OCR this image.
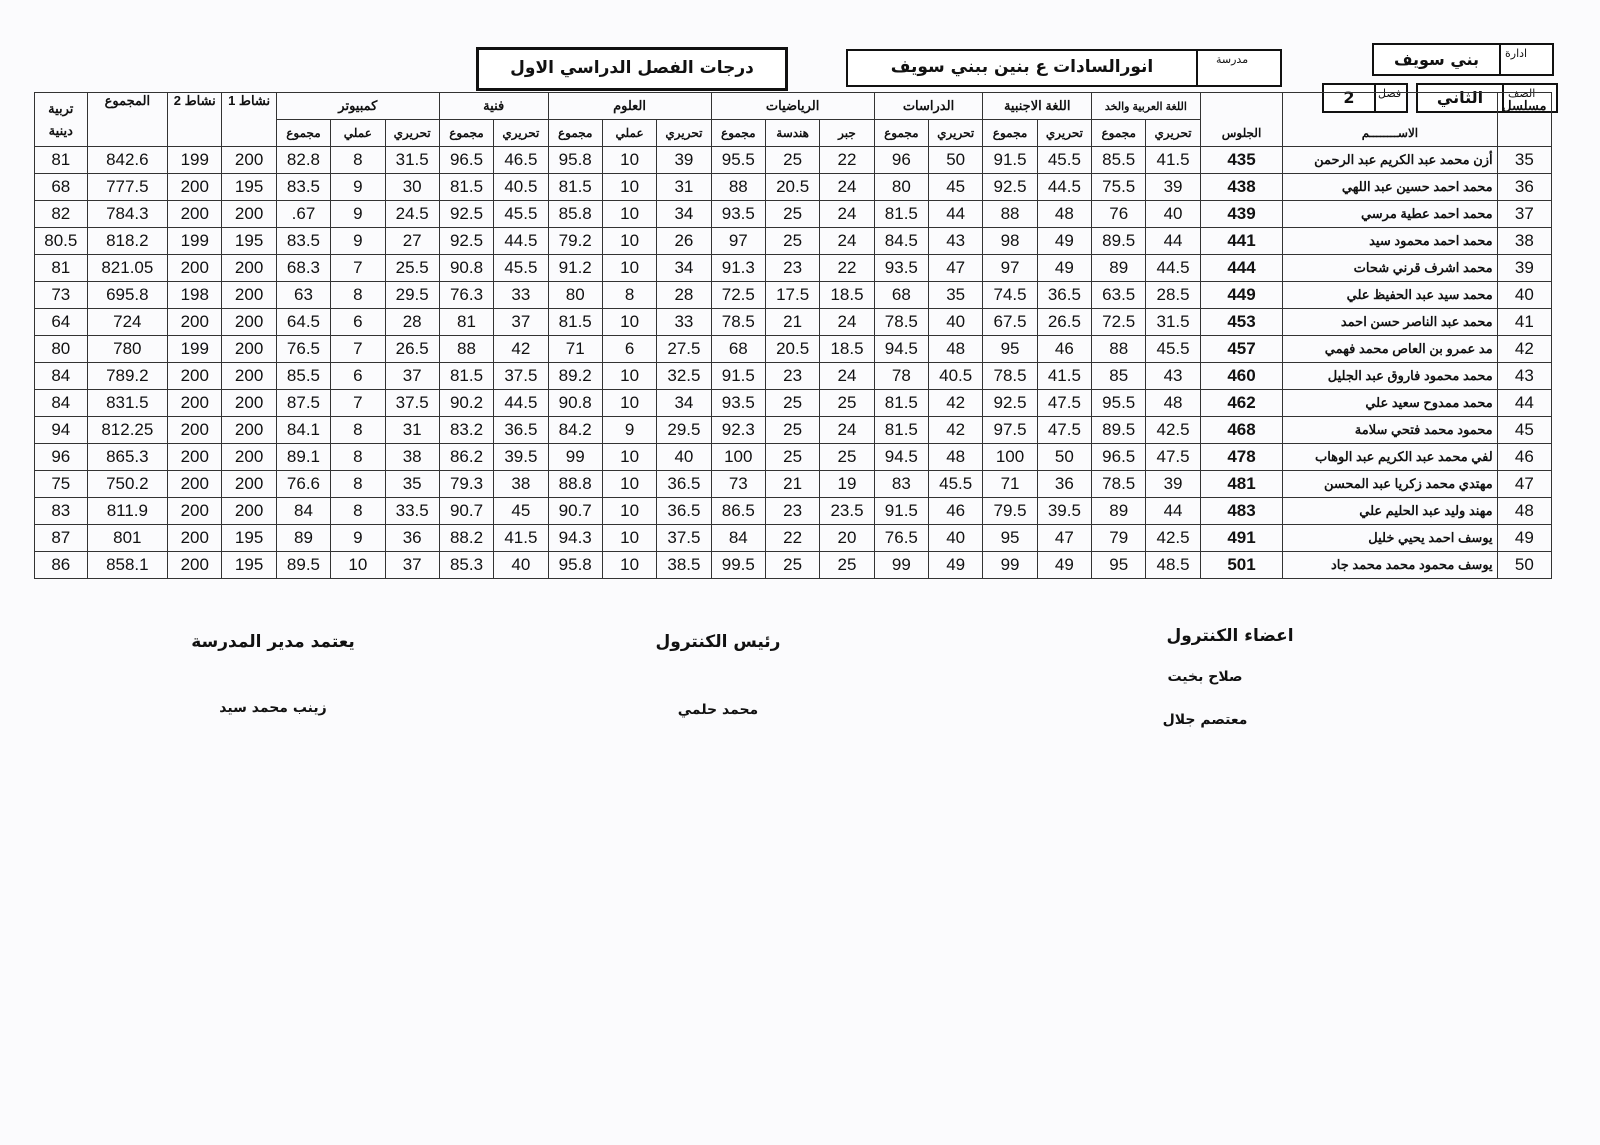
درجات الفصل الدراسي الاول	انورالسادات ع بنين ببني سويف	مدرسة	بني سويف	ادارة
الثاني	الصف
2	فصل
مسلسل			اللغة العربية والخد		اللغة الاجنبية		الدراسات		الرياضيات			العلوم			فنية		كمبيوتر			نشاط 1	نشاط 2	المجموع	تربية دينية
	الاســــــــم	الجلوس	تحريري	مجموع	تحريري	مجموع	تحريري	مجموع	جبر	هندسة	مجموع	تحريري	عملي	مجموع	تحريري	مجموع	تحريري	عملي	مجموع				
35	أزن محمد عبد الكريم عبد الرحمن	435	41.5	85.5	45.5	91.5	50	96	22	25	95.5	39	10	95.8	46.5	96.5	31.5	8	82.8	200	199	842.6	81
36	محمد احمد حسين عبد اللهي	438	39	75.5	44.5	92.5	45	80	24	20.5	88	31	10	81.5	40.5	81.5	30	9	83.5	195	200	777.5	68
37	محمد احمد عطية مرسي	439	40	76	48	88	44	81.5	24	25	93.5	34	10	85.8	45.5	92.5	24.5	9	67.	200	200	784.3	82
38	محمد احمد محمود سيد	441	44	89.5	49	98	43	84.5	24	25	97	26	10	79.2	44.5	92.5	27	9	83.5	195	199	818.2	80.5
39	محمد اشرف قرني شحات	444	44.5	89	49	97	47	93.5	22	23	91.3	34	10	91.2	45.5	90.8	25.5	7	68.3	200	200	821.05	81
40	محمد سيد عبد الحفيظ علي	449	28.5	63.5	36.5	74.5	35	68	18.5	17.5	72.5	28	8	80	33	76.3	29.5	8	63	200	198	695.8	73
41	محمد عبد الناصر حسن احمد	453	31.5	72.5	26.5	67.5	40	78.5	24	21	78.5	33	10	81.5	37	81	28	6	64.5	200	200	724	64
42	مد عمرو بن العاص محمد فهمي	457	45.5	88	46	95	48	94.5	18.5	20.5	68	27.5	6	71	42	88	26.5	7	76.5	200	199	780	80
43	محمد محمود فاروق عبد الجليل	460	43	85	41.5	78.5	40.5	78	24	23	91.5	32.5	10	89.2	37.5	81.5	37	6	85.5	200	200	789.2	84
44	محمد ممدوح سعيد علي	462	48	95.5	47.5	92.5	42	81.5	25	25	93.5	34	10	90.8	44.5	90.2	37.5	7	87.5	200	200	831.5	84
45	محمود محمد فتحي سلامة	468	42.5	89.5	47.5	97.5	42	81.5	24	25	92.3	29.5	9	84.2	36.5	83.2	31	8	84.1	200	200	812.25	94
46	لفي محمد عبد الكريم عبد الوهاب	478	47.5	96.5	50	100	48	94.5	25	25	100	40	10	99	39.5	86.2	38	8	89.1	200	200	865.3	96
47	مهتدي محمد زكريا عبد المحسن	481	39	78.5	36	71	45.5	83	19	21	73	36.5	10	88.8	38	79.3	35	8	76.6	200	200	750.2	75
48	مهند وليد عبد الحليم علي	483	44	89	39.5	79.5	46	91.5	23.5	23	86.5	36.5	10	90.7	45	90.7	33.5	8	84	200	200	811.9	83
49	يوسف احمد يحيي خليل	491	42.5	79	47	95	40	76.5	20	22	84	37.5	10	94.3	41.5	88.2	36	9	89	195	200	801	87
50	يوسف محمود محمد محمد جاد	501	48.5	95	49	99	49	99	25	25	99.5	38.5	10	95.8	40	85.3	37	10	89.5	195	200	858.1	86
اعضاء الكنترول
صلاح بخيت
معتصم جلال
رئيس الكنترول
محمد حلمي
يعتمد مدير المدرسة
زينب محمد سيد
